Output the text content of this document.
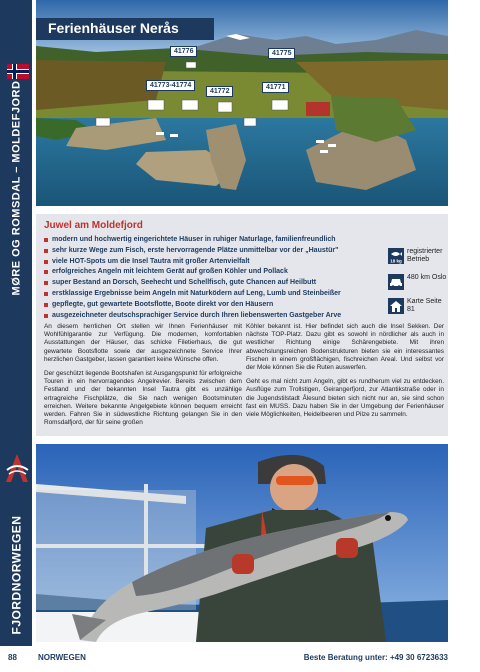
MØRE OG ROMSDAL – MOLDEFJORD
FJORDNORWEGEN
Ferienhäuser Nerås
41776	41775
41773-41774
41772
41771
Juwel am Moldefjord
modern und hochwertig eingerichtete Häuser in ruhiger Naturlage, familienfreundlich
sehr kurze Wege zum Fisch, erste hervorragende Plätze unmittelbar vor der „Haustür"
viele HOT-Spots um die Insel Tautra mit großer Artenvielfalt
erfolgreiches Angeln mit leichtem Gerät auf großen Köhler und Pollack
super Bestand an Dorsch, Seehecht und Schellfisch, gute Chancen auf Heilbutt
erstklassige Ergebnisse beim Angeln mit Naturködern auf Leng, Lumb und Steinbeißer
gepflegte, gut gewartete Bootsflotte, Boote direkt vor den Häusern
ausgezeichneter deutschsprachiger Service durch Ihren liebenswerten Gastgeber Arve
18 kg
registrierter Betrieb
480 km Oslo
Karte Seite 81

An diesem herrlichen Ort stellen wir Ihnen Ferienhäuser mit Wohlfühlgarantie zur Verfügung. Die modernen, komfortablen Ausstattungen der Häuser, das schicke Filetierhaus, die gut gewartete Bootsflotte sowie der ausgezeichnete Service Ihrer herzlichen Gastgeber, lassen garantiert keine Wünsche offen.

Der geschützt liegende Bootshafen ist Ausgangspunkt für erfolgreiche Touren in ein hervorragendes Angelrevier. Bereits zwischen dem Festland und der bekannten Insel Tautra gibt es unzählige ertragreiche Fischplätze, die Sie nach wenigen Bootsminuten erreichen. Weitere bekannte Angelgebiete können bequem erreicht werden. Fahren Sie in südwestliche Richtung gelangen Sie in den Romsdalfjord, der für seine großen

Köhler bekannt ist. Hier befindet sich auch die Insel Sekken. Der nächste TOP-Platz. Dazu gibt es sowohl in nördlicher als auch in westlicher Richtung einige Schärengebiete. Mit ihren abwechslungsreichen Bodenstrukturen bieten sie ein interessantes Fischen in einem großflächigen, fischreichen Areal. Und selbst vor der Mole können Sie die Ruten auswerfen.

Geht es mal nicht zum Angeln, gibt es rundherum viel zu entdecken. Ausflüge zum Trollstigen, Geirangerfjord, zur Atlantikstraße oder in die Jugendstilstadt Ålesund bieten sich nicht nur an, sie sind schon fast ein MUSS. Dazu haben Sie in der Umgebung der Ferienhäuser viele Möglichkeiten, Heidelbeeren und Pilze zu sammeln.

88	NORWEGEN	Beste Beratung unter: +49 30 6723633
